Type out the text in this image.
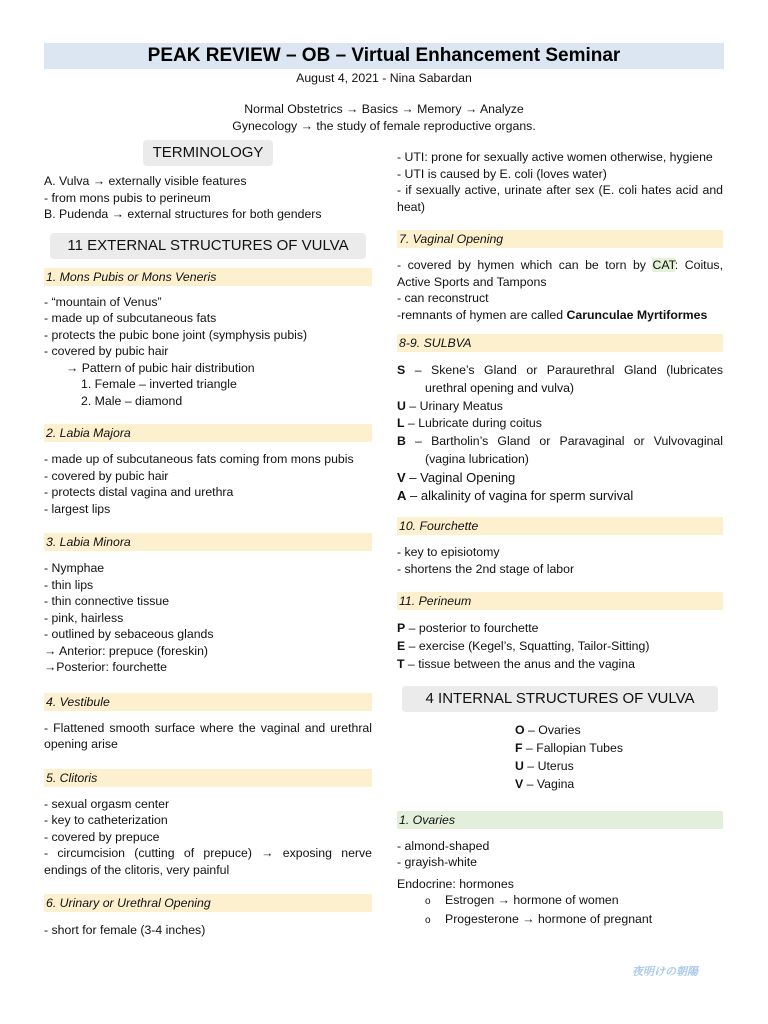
PEAK REVIEW – OB – Virtual Enhancement Seminar
August 4, 2021 - Nina Sabardan
Normal Obstetrics → Basics → Memory → Analyze
Gynecology → the study of female reproductive organs.
TERMINOLOGY
A. Vulva → externally visible features
- from mons pubis to perineum
B. Pudenda → external structures for both genders
11 EXTERNAL STRUCTURES OF VULVA
1. Mons Pubis or Mons Veneris
- “mountain of Venus”
- made up of subcutaneous fats
- protects the pubic bone joint (symphysis pubis)
- covered by pubic hair
→ Pattern of pubic hair distribution
1. Female – inverted triangle
2. Male – diamond
2. Labia Majora
- made up of subcutaneous fats coming from mons pubis
- covered by pubic hair
- protects distal vagina and urethra
- largest lips
3. Labia Minora
- Nymphae
- thin lips
- thin connective tissue
- pink, hairless
- outlined by sebaceous glands
→ Anterior: prepuce (foreskin)
→Posterior: fourchette
4. Vestibule
- Flattened smooth surface where the vaginal and urethral opening arise
5. Clitoris
- sexual orgasm center
- key to catheterization
- covered by prepuce
- circumcision (cutting of prepuce) → exposing nerve endings of the clitoris, very painful
6. Urinary or Urethral Opening
- short for female (3-4 inches)
- UTI: prone for sexually active women otherwise, hygiene
- UTI is caused by E. coli (loves water)
- if sexually active, urinate after sex (E. coli hates acid and heat)
7. Vaginal Opening
- covered by hymen which can be torn by CAT: Coitus, Active Sports and Tampons
- can reconstruct
-remnants of hymen are called Carunculae Myrtiformes
8-9. SULBVA
S – Skene’s Gland or Paraurethral Gland (lubricates urethral opening and vulva)
U – Urinary Meatus
L – Lubricate during coitus
B – Bartholin’s Gland or Paravaginal or Vulvovaginal (vagina lubrication)
V – Vaginal Opening
A – alkalinity of vagina for sperm survival
10. Fourchette
- key to episiotomy
- shortens the 2nd stage of labor
11. Perineum
P – posterior to fourchette
E – exercise (Kegel’s, Squatting, Tailor-Sitting)
T – tissue between the anus and the vagina
4 INTERNAL STRUCTURES OF VULVA
O – Ovaries
F – Fallopian Tubes
U – Uterus
V – Vagina
1. Ovaries
- almond-shaped
- grayish-white
Endocrine: hormones
o Estrogen → hormone of women
o Progesterone → hormone of pregnant
夜明けの朝陽
